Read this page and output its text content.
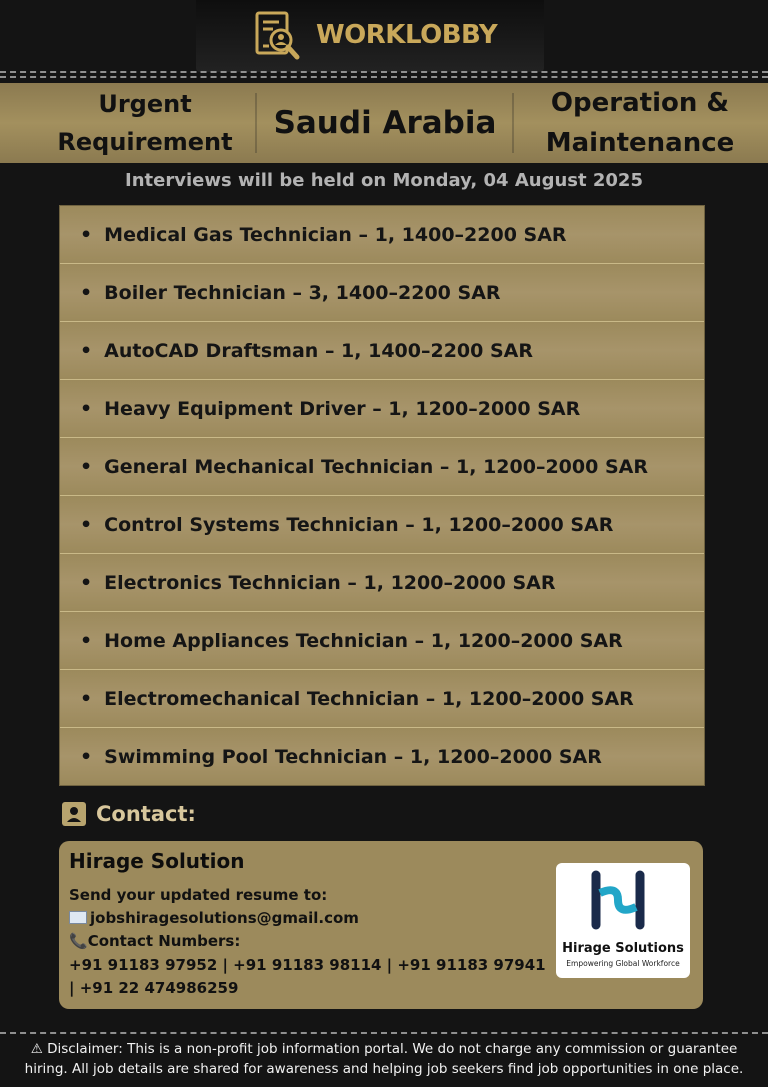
WORKLOBBY
Urgent Requirement
Saudi Arabia
Operation & Maintenance
Interviews will be held on Monday, 04 August 2025
• Medical Gas Technician – 1, 1400–2200 SAR
• Boiler Technician – 3, 1400–2200 SAR
• AutoCAD Draftsman – 1, 1400–2200 SAR
• Heavy Equipment Driver – 1, 1200–2000 SAR
• General Mechanical Technician – 1, 1200–2000 SAR
• Control Systems Technician – 1, 1200–2000 SAR
• Electronics Technician – 1, 1200–2000 SAR
• Home Appliances Technician – 1, 1200–2000 SAR
• Electromechanical Technician – 1, 1200–2000 SAR
• Swimming Pool Technician – 1, 1200–2000 SAR
Contact:
Hirage Solution
Send your updated resume to:
jobshiragesolutions@gmail.com
📞Contact Numbers:
+91 91183 97952 | +91 91183 98114 | +91 91183 97941 | +91 22 474986259
Hirage Solutions
Empowering Global Workforce
⚠ Disclaimer: This is a non-profit job information portal. We do not charge any commission or guarantee hiring. All job details are shared for awareness and helping job seekers find job opportunities in one place.
